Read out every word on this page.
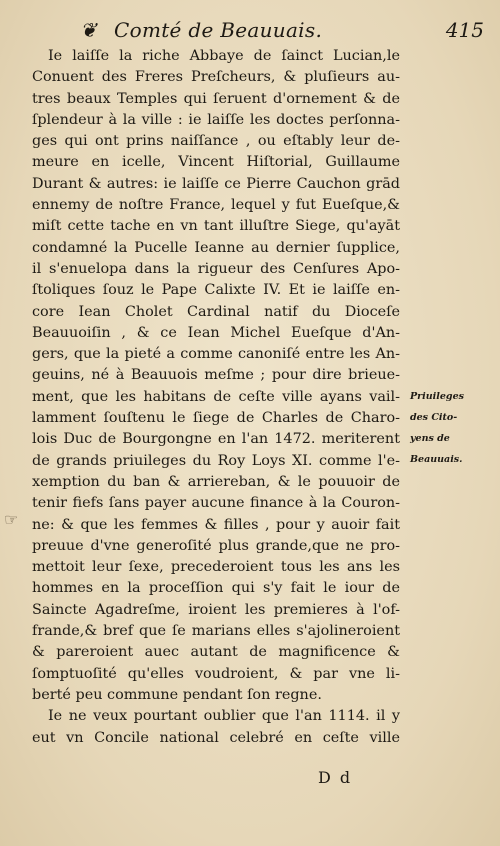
❦ Comté de Beauuais.	415
Ie laiſſe la riche Abbaye de ſainct Lucian,le
Conuent des Freres Preſcheurs, & pluſieurs au-
tres beaux Temples qui ſeruent d'ornement & de
ſplendeur à la ville : ie laiſſe les doctes perſonna-
ges qui ont prins naiſſance , ou eſtably leur de-
meure en icelle, Vincent Hiſtorial, Guillaume
Durant & autres: ie laiſſe ce Pierre Cauchon grād
ennemy de noſtre France, lequel y fut Eueſque,&
miſt cette tache en vn tant illuſtre Siege, qu'ayāt
condamné la Pucelle Ieanne au dernier ſupplice,
il s'enuelopa dans la rigueur des Cenſures Apo-
ſtoliques ſouz le Pape Calixte IV. Et ie laiſſe en-
core Iean Cholet Cardinal natif du Dioceſe
Beauuoiſin , & ce Iean Michel Eueſque d'An-
gers, que la pieté a comme canoniſé entre les An-
geuins, né à Beauuois meſme ; pour dire brieue-
ment, que les habitans de ceſte ville ayans vail-
lamment ſouſtenu le ſiege de Charles de Charo-
lois Duc de Bourgongne en l'an 1472. meriterent
de grands priuileges du Roy Loys XI. comme l'e-
xemption du ban & arriereban, & le pouuoir de
tenir fiefs ſans payer aucune finance à la Couron-
ne: & que les femmes & filles , pour y auoir fait
preuue d'vne generoſité plus grande,que ne pro-
mettoit leur ſexe, precederoient tous les ans les
hommes en la proceſſion qui s'y fait le iour de
Saincte Agadreſme, iroient les premieres à l'of-
frande,& bref que ſe marians elles s'ajolineroient
& pareroient auec autant de magnificence &
ſomptuoſité qu'elles voudroient, & par vne li-
berté peu commune pendant ſon regne.
Ie ne veux pourtant oublier que l'an 1114. il y
eut vn Concile national celebré en ceſte ville
Priuileges
des Cito-
yens de
Beauuais.
☞
D d
